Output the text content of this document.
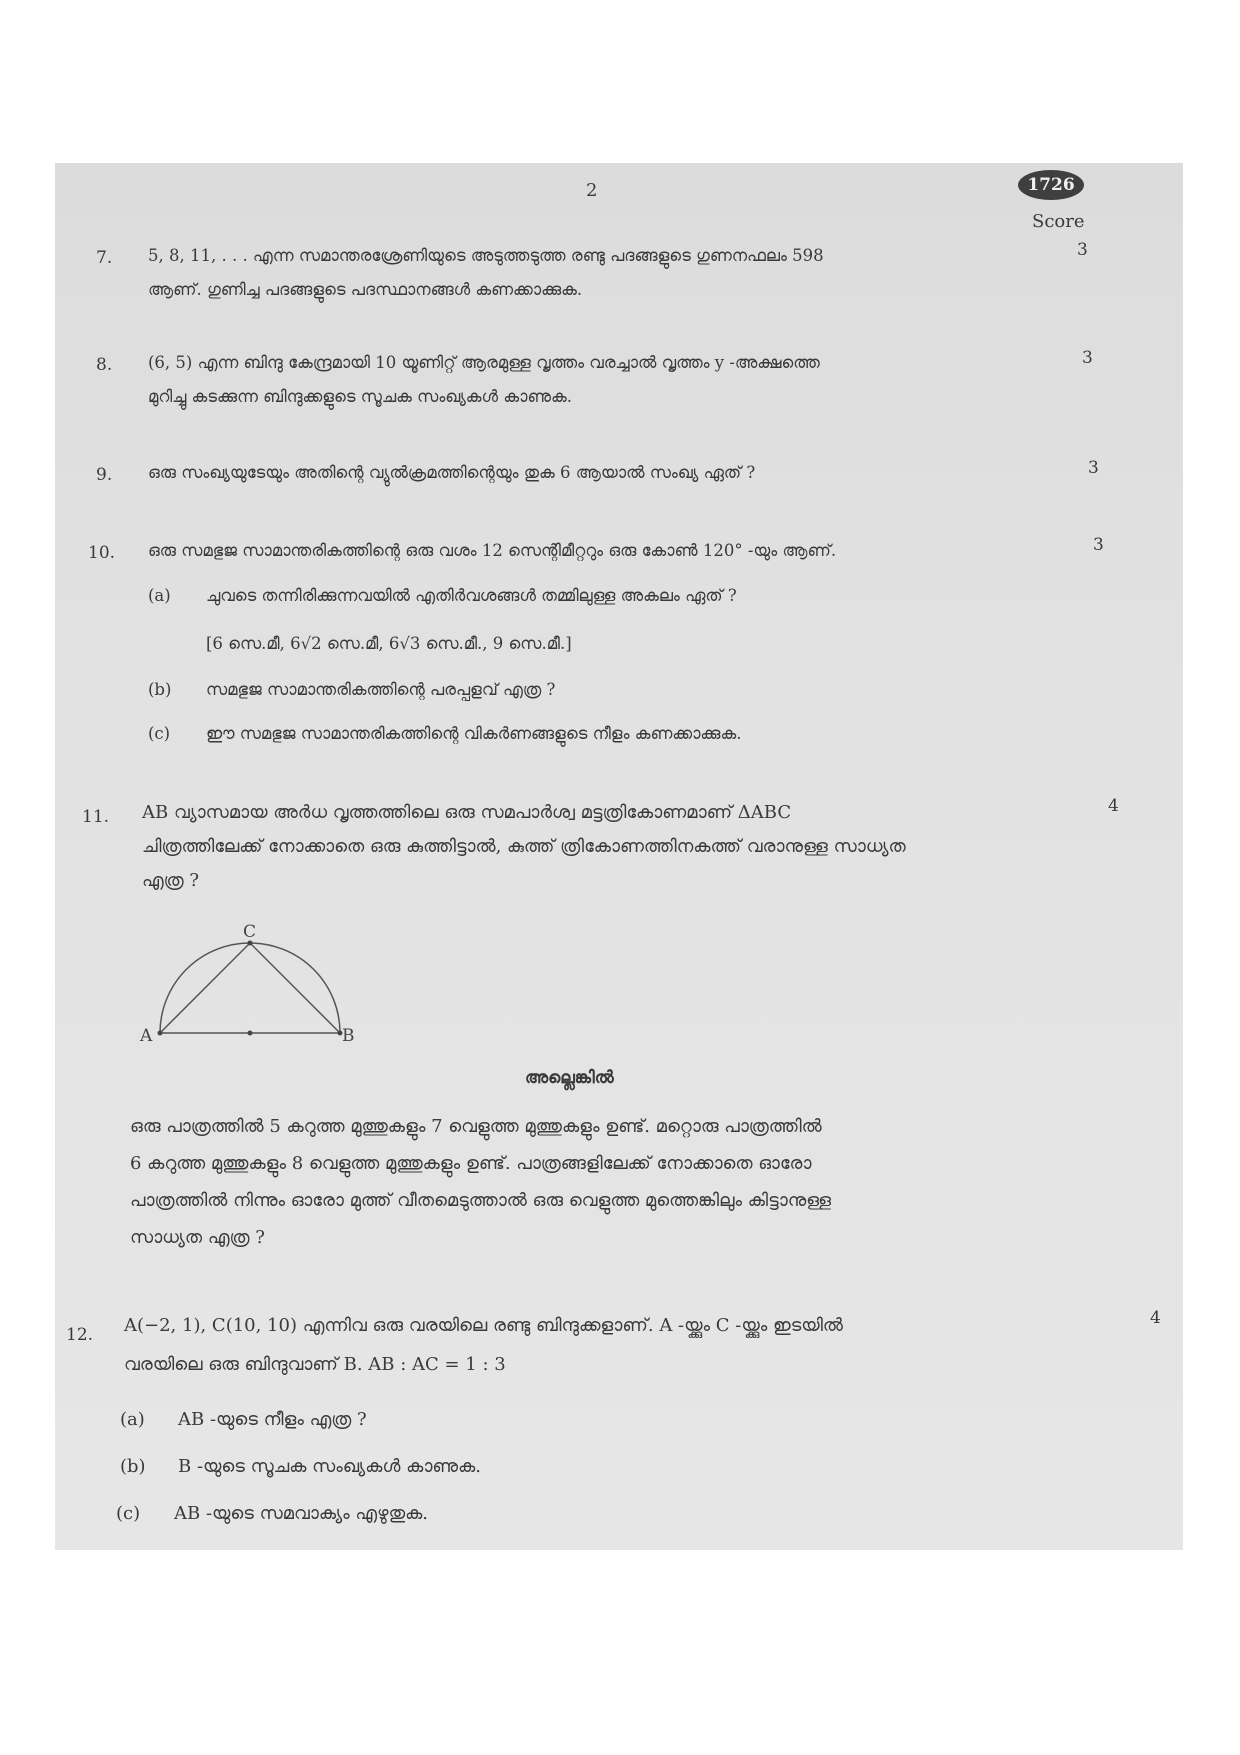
2	1726
Score
7. 5, 8, 11, . . . എന്ന സമാന്തരശ്രേണിയുടെ അടുത്തടുത്ത രണ്ടു പദങ്ങളുടെ ഗുണനഫലം 598
ആണ്. ഗുണിച്ച പദങ്ങളുടെ പദസ്ഥാനങ്ങൾ കണക്കാക്കുക.
3
8. (6, 5) എന്ന ബിന്ദു കേന്ദ്രമായി 10 യൂണിറ്റ് ആരമുള്ള വൃത്തം വരച്ചാൽ വൃത്തം y -അക്ഷത്തെ
മുറിച്ചു കടക്കുന്ന ബിന്ദുക്കളുടെ സൂചക സംഖ്യകൾ കാണുക.
3
9. ഒരു സംഖ്യയുടേയും അതിന്റെ വ്യുൽക്രമത്തിന്റെയും തുക 6 ആയാൽ സംഖ്യ ഏത് ?	3
10. ഒരു സമഭുജ സാമാന്തരികത്തിന്റെ ഒരു വശം 12 സെന്റിമീറ്ററും ഒരു കോൺ 120° -യും ആണ്.	3
(a) ചുവടെ തന്നിരിക്കുന്നവയിൽ എതിർവശങ്ങൾ തമ്മിലുള്ള അകലം ഏത് ?
[6 സെ.മീ, 6√2 സെ.മീ, 6√3 സെ.മീ., 9 സെ.മീ.]
(b) സമഭുജ സാമാന്തരികത്തിന്റെ പരപ്പളവ് എത്ര ?
(c) ഈ സമഭുജ സാമാന്തരികത്തിന്റെ വികർണങ്ങളുടെ നീളം കണക്കാക്കുക.
11. AB വ്യാസമായ അർധ വൃത്തത്തിലെ ഒരു സമപാർശ്വ മട്ടത്രികോണമാണ് ΔABC
ചിത്രത്തിലേക്ക് നോക്കാതെ ഒരു കുത്തിട്ടാൽ, കുത്ത് ത്രികോണത്തിനകത്ത് വരാനുള്ള സാധ്യത
എത്ര ?
4
A	B
C
അല്ലെങ്കിൽ
ഒരു പാത്രത്തിൽ 5 കറുത്ത മുത്തുകളും 7 വെളുത്ത മുത്തുകളും ഉണ്ട്. മറ്റൊരു പാത്രത്തിൽ
6 കറുത്ത മുത്തുകളും 8 വെളുത്ത മുത്തുകളും ഉണ്ട്. പാത്രങ്ങളിലേക്ക് നോക്കാതെ ഓരോ
പാത്രത്തിൽ നിന്നും ഓരോ മുത്ത് വീതമെടുത്താൽ ഒരു വെളുത്ത മുത്തെങ്കിലും കിട്ടാനുള്ള
സാധ്യത എത്ര ?
12. A(−2, 1), C(10, 10) എന്നിവ ഒരു വരയിലെ രണ്ടു ബിന്ദുക്കളാണ്. A -യ്ക്കും C -യ്ക്കും ഇടയിൽ
വരയിലെ ഒരു ബിന്ദുവാണ് B. AB : AC = 1 : 3
4
(a) AB -യുടെ നീളം എത്ര ?
(b) B -യുടെ സൂചക സംഖ്യകൾ കാണുക.
(c) AB -യുടെ സമവാക്യം എഴുതുക.
